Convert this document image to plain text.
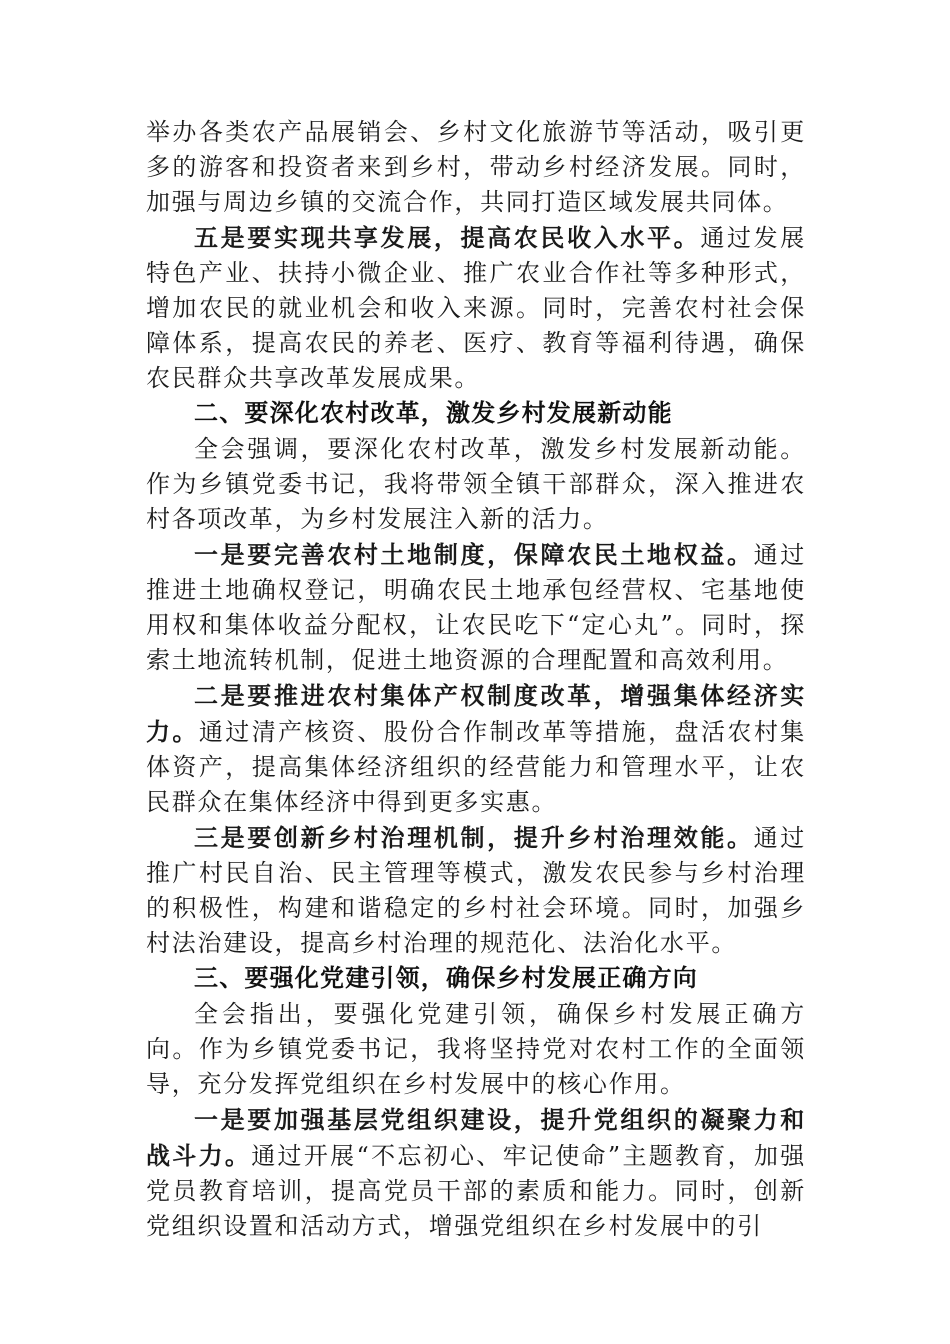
举办各类农产品展销会、乡村文化旅游节等活动，吸引更多的游客和投资者来到乡村，带动乡村经济发展。同时，加强与周边乡镇的交流合作，共同打造区域发展共同体。

五是要实现共享发展，提高农民收入水平。通过发展特色产业、扶持小微企业、推广农业合作社等多种形式，增加农民的就业机会和收入来源。同时，完善农村社会保障体系，提高农民的养老、医疗、教育等福利待遇，确保农民群众共享改革发展成果。

二、要深化农村改革，激发乡村发展新动能

全会强调，要深化农村改革，激发乡村发展新动能。作为乡镇党委书记，我将带领全镇干部群众，深入推进农村各项改革，为乡村发展注入新的活力。

一是要完善农村土地制度，保障农民土地权益。通过推进土地确权登记，明确农民土地承包经营权、宅基地使用权和集体收益分配权，让农民吃下“定心丸”。同时，探索土地流转机制，促进土地资源的合理配置和高效利用。

二是要推进农村集体产权制度改革，增强集体经济实力。通过清产核资、股份合作制改革等措施，盘活农村集体资产，提高集体经济组织的经营能力和管理水平，让农民群众在集体经济中得到更多实惠。

三是要创新乡村治理机制，提升乡村治理效能。通过推广村民自治、民主管理等模式，激发农民参与乡村治理的积极性，构建和谐稳定的乡村社会环境。同时，加强乡村法治建设，提高乡村治理的规范化、法治化水平。

三、要强化党建引领，确保乡村发展正确方向

全会指出，要强化党建引领，确保乡村发展正确方向。作为乡镇党委书记，我将坚持党对农村工作的全面领导，充分发挥党组织在乡村发展中的核心作用。

一是要加强基层党组织建设，提升党组织的凝聚力和战斗力。通过开展“不忘初心、牢记使命”主题教育，加强党员教育培训，提高党员干部的素质和能力。同时，创新党组织设置和活动方式，增强党组织在乡村发展中的引
